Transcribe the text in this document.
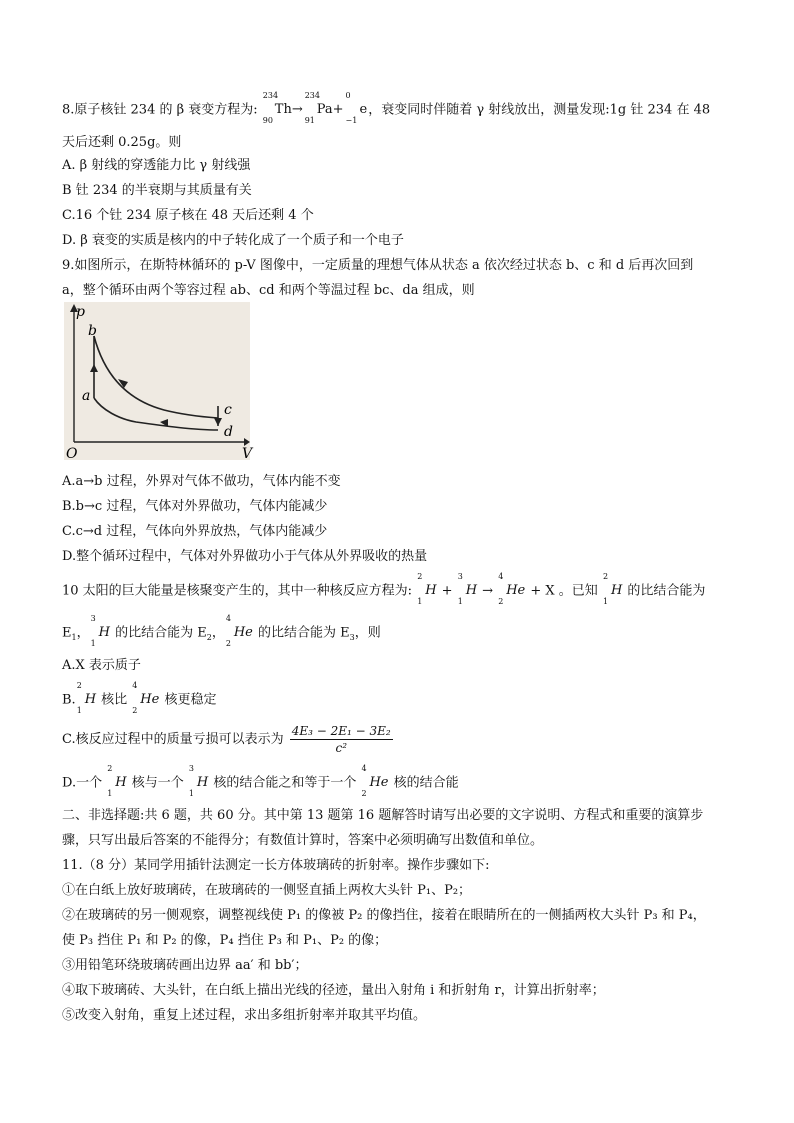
8.原子核钍 234 的 β 衰变方程为:
234
90
Th→
234
91
Pa+
0
−1
e，衰变同时伴随着 γ 射线放出，测量发现:1g 钍 234 在 48
天后还剩 0.25g。则
A. β 射线的穿透能力比 γ 射线强
B 钍 234 的半衰期与其质量有关
C.16 个钍 234 原子核在 48 天后还剩 4 个
D. β 衰变的实质是核内的中子转化成了一个质子和一个电子
9.如图所示，在斯特林循环的 p-V 图像中，一定质量的理想气体从状态 a 依次经过状态 b、c 和 d 后再次回到
a，整个循环由两个等容过程 ab、cd 和两个等温过程 bc、da 组成，则
p
V
O
a
b
c
d
A.a→b 过程，外界对气体不做功，气体内能不变
B.b→c 过程，气体对外界做功，气体内能减少
C.c→d 过程，气体向外界放热，气体内能减少
D.整个循环过程中，气体对外界做功小于气体从外界吸收的热量
10 太阳的巨大能量是核聚变产生的，其中一种核反应方程为:
2
1
H +
3
1
H →
4
2
He + X 。已知
2
1
H 的比结合能为
$E_1$，
3
1
H 的比结合能为 $E_2$，
4
2
He 的比结合能为 $E_3$，则
A.X 表示质子
B.
2
1
H 核比
4
2
He 核更稳定
C.核反应过程中的质量亏损可以表示为 $\frac{\text{4E₃ − 2E₁ − 3E₂}}{\text{c²}}$
D.一个
2
1
H 核与一个
3
1
H 核的结合能之和等于一个
4
2
He 核的结合能
二、非选择题:共 6 题，共 60 分。其中第 13 题第 16 题解答时请写出必要的文字说明、方程式和重要的演算步
骤，只写出最后答案的不能得分；有数值计算时，答案中必须明确写出数值和单位。
11.（8 分）某同学用插针法测定一长方体玻璃砖的折射率。操作步骤如下:
①在白纸上放好玻璃砖，在玻璃砖的一侧竖直插上两枚大头针 P₁、P₂；
②在玻璃砖的另一侧观察，调整视线使 P₁ 的像被 P₂ 的像挡住，接着在眼睛所在的一侧插两枚大头针 P₃ 和 P₄，
使 P₃ 挡住 P₁ 和 P₂ 的像，P₄ 挡住 P₃ 和 P₁、P₂ 的像；
③用铅笔环绕玻璃砖画出边界 aa′ 和 bb′；
④取下玻璃砖、大头针，在白纸上描出光线的径迹，量出入射角 i 和折射角 r，计算出折射率；
⑤改变入射角，重复上述过程，求出多组折射率并取其平均值。
